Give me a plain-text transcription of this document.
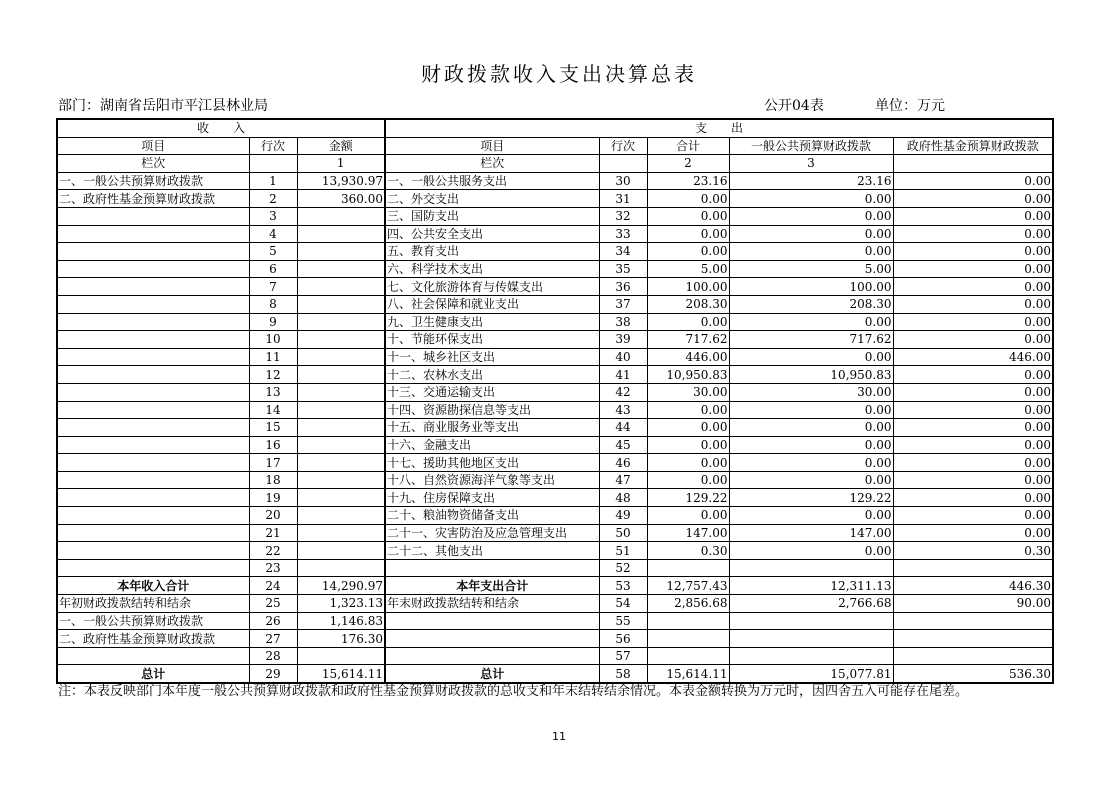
财政拨款收入支出决算总表
部门：湖南省岳阳市平江县林业局	公开04表	单位：万元
收　　入			支　　出				
项目	行次	金额	项目	行次	合计	一般公共预算财政拨款	政府性基金预算财政拨款
栏次		1	栏次		2	3	
一、一般公共预算财政拨款	1	13,930.97	一、一般公共服务支出	30	23.16	23.16	0.00
二、政府性基金预算财政拨款	2	360.00	二、外交支出	31	0.00	0.00	0.00
	3		三、国防支出	32	0.00	0.00	0.00
	4		四、公共安全支出	33	0.00	0.00	0.00
	5		五、教育支出	34	0.00	0.00	0.00
	6		六、科学技术支出	35	5.00	5.00	0.00
	7		七、文化旅游体育与传媒支出	36	100.00	100.00	0.00
	8		八、社会保障和就业支出	37	208.30	208.30	0.00
	9		九、卫生健康支出	38	0.00	0.00	0.00
	10		十、节能环保支出	39	717.62	717.62	0.00
	11		十一、城乡社区支出	40	446.00	0.00	446.00
	12		十二、农林水支出	41	10,950.83	10,950.83	0.00
	13		十三、交通运输支出	42	30.00	30.00	0.00
	14		十四、资源勘探信息等支出	43	0.00	0.00	0.00
	15		十五、商业服务业等支出	44	0.00	0.00	0.00
	16		十六、金融支出	45	0.00	0.00	0.00
	17		十七、援助其他地区支出	46	0.00	0.00	0.00
	18		十八、自然资源海洋气象等支出	47	0.00	0.00	0.00
	19		十九、住房保障支出	48	129.22	129.22	0.00
	20		二十、粮油物资储备支出	49	0.00	0.00	0.00
	21		二十一、灾害防治及应急管理支出	50	147.00	147.00	0.00
	22		二十二、其他支出	51	0.30	0.00	0.30
	23			52			
本年收入合计	24	14,290.97	本年支出合计	53	12,757.43	12,311.13	446.30
年初财政拨款结转和结余	25	1,323.13	年末财政拨款结转和结余	54	2,856.68	2,766.68	90.00
一、一般公共预算财政拨款	26	1,146.83		55			
二、政府性基金预算财政拨款	27	176.30		56			
	28			57			
总计	29	15,614.11	总计	58	15,614.11	15,077.81	536.30
注：本表反映部门本年度一般公共预算财政拨款和政府性基金预算财政拨款的总收支和年末结转结余情况。本表金额转换为万元时，因四舍五入可能存在尾差。
11
